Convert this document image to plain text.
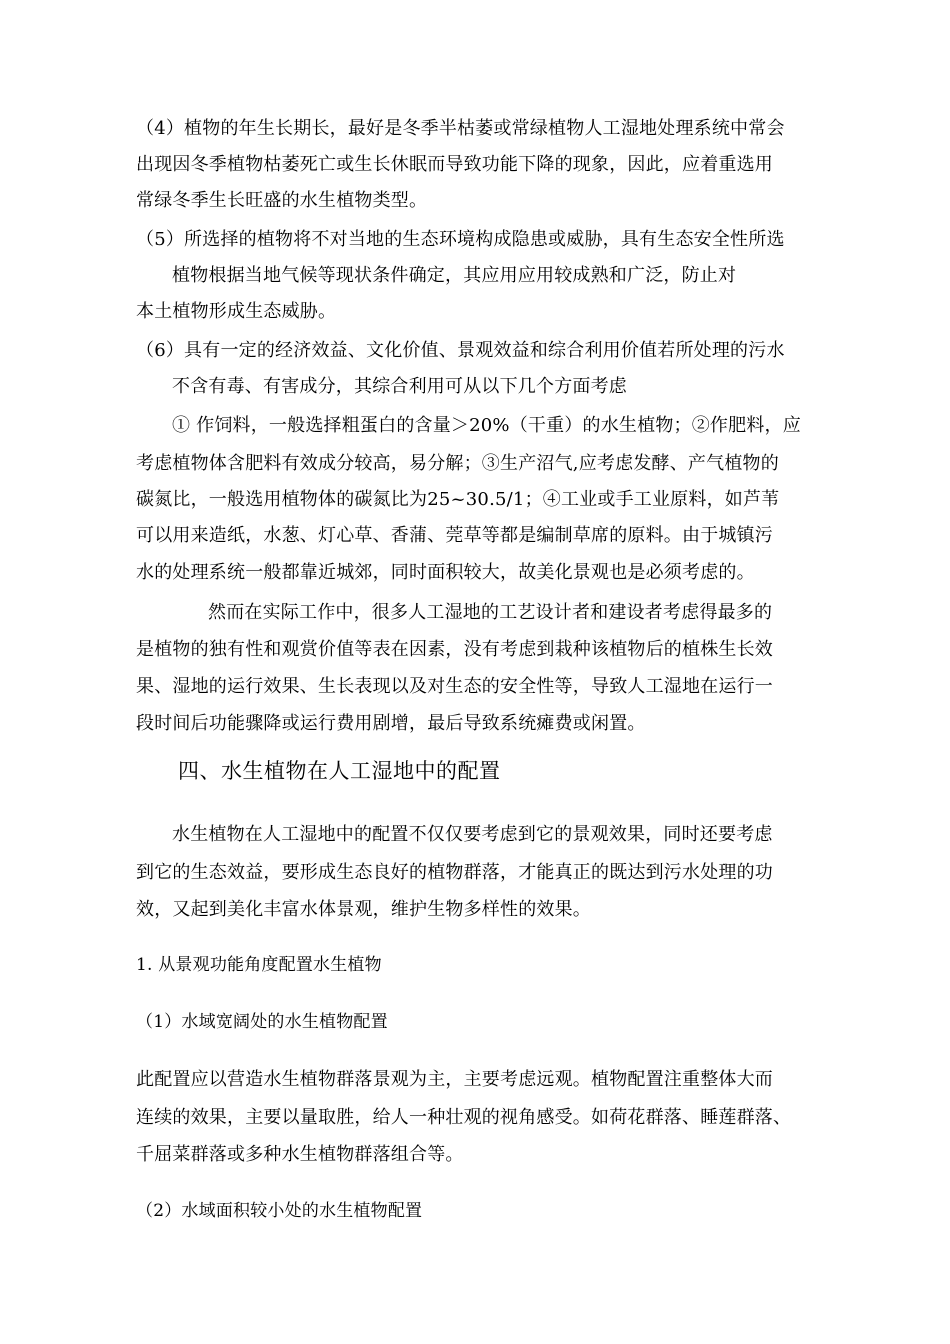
（4）植物的年生长期长，最好是冬季半枯萎或常绿植物人工湿地处理系统中常会
出现因冬季植物枯萎死亡或生长休眠而导致功能下降的现象，因此，应着重选用
常绿冬季生长旺盛的水生植物类型。
（5）所选择的植物将不对当地的生态环境构成隐患或威胁，具有生态安全性所选
植物根据当地气候等现状条件确定，其应用应用较成熟和广泛，防止对
本土植物形成生态威胁。
（6）具有一定的经济效益、文化价值、景观效益和综合利用价值若所处理的污水
不含有毒、有害成分，其综合利用可从以下几个方面考虑
① 作饲料，一般选择粗蛋白的含量＞20%（干重）的水生植物；②作肥料，应
考虑植物体含肥料有效成分较高，易分解；③生产沼气,应考虑发酵、产气植物的
碳氮比，一般选用植物体的碳氮比为25~30.5/1；④工业或手工业原料，如芦苇
可以用来造纸，水葱、灯心草、香蒲、莞草等都是编制草席的原料。由于城镇污
水的处理系统一般都靠近城郊，同时面积较大，故美化景观也是必须考虑的。
然而在实际工作中，很多人工湿地的工艺设计者和建设者考虑得最多的
是植物的独有性和观赏价值等表在因素，没有考虑到栽种该植物后的植株生长效
果、湿地的运行效果、生长表现以及对生态的安全性等，导致人工湿地在运行一
段时间后功能骤降或运行费用剧增，最后导致系统瘫费或闲置。
四、水生植物在人工湿地中的配置
水生植物在人工湿地中的配置不仅仅要考虑到它的景观效果，同时还要考虑
到它的生态效益，要形成生态良好的植物群落，才能真正的既达到污水处理的功
效，又起到美化丰富水体景观，维护生物多样性的效果。
1. 从景观功能角度配置水生植物
（1）水域宽阔处的水生植物配置
此配置应以营造水生植物群落景观为主，主要考虑远观。植物配置注重整体大而
连续的效果，主要以量取胜，给人一种壮观的视角感受。如荷花群落、睡莲群落、
千屈菜群落或多种水生植物群落组合等。
（2）水域面积较小处的水生植物配置
